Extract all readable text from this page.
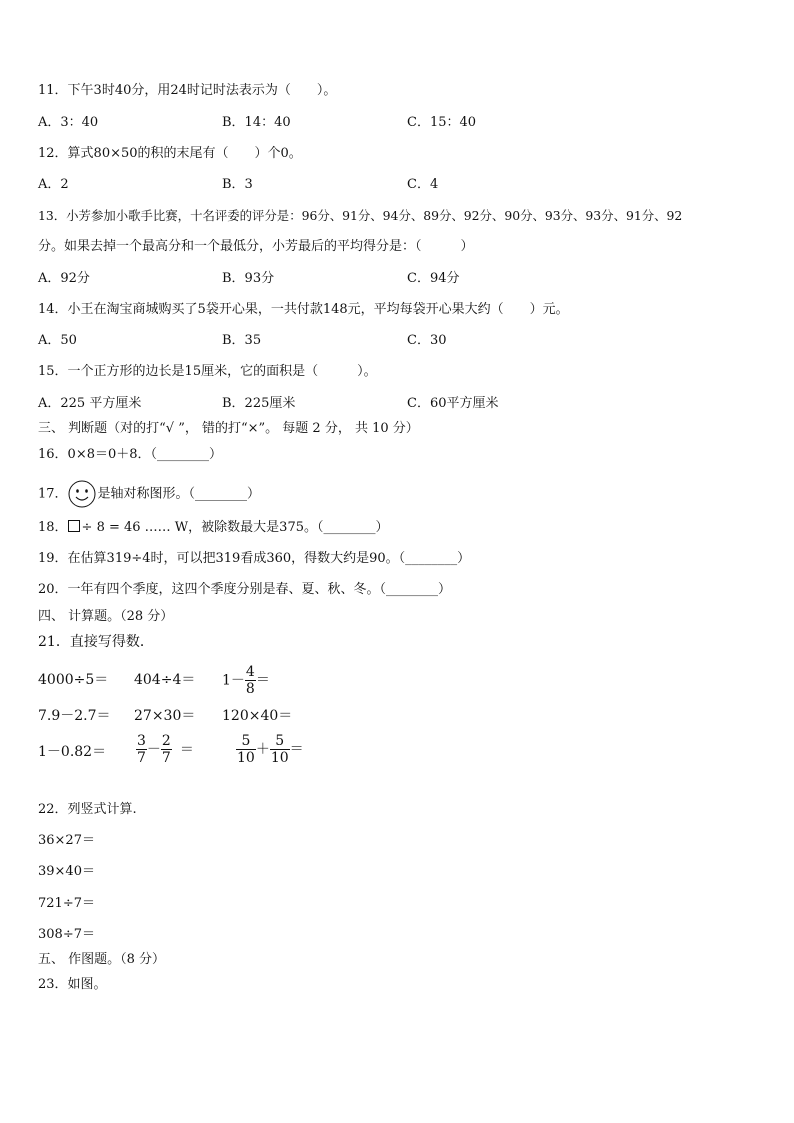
11．下午3时40分，用24时记时法表示为（　　）。
A．3：40	B．14：40	C．15：40
12．算式80×50的积的末尾有（　　）个0。
A．2	B．3	C．4
13．小芳参加小歌手比赛，十名评委的评分是：96分、91分、94分、89分、92分、90分、93分、93分、91分、92
分。如果去掉一个最高分和一个最低分，小芳最后的平均得分是：（　　　）
A．92分	B．93分	C．94分
14．小王在淘宝商城购买了5袋开心果，一共付款148元，平均每袋开心果大约（　　）元。
A．50	B．35	C．30
15．一个正方形的边长是15厘米，它的面积是（　　　）。
A．225 平方厘米	B．225厘米	C．60平方厘米
三、 判断题（对的打“√ ”， 错的打“×”。 每题 2 分， 共 10 分）
16．0×8＝0＋8．（________）
17． 是轴对称图形。（________）
18． ÷ 8 = 46 …… W，被除数最大是375。（________）
19．在估算319÷4时，可以把319看成360，得数大约是90。（________）
20．一年有四个季度，这四个季度分别是春、夏、秋、冬。（________）
四、 计算题。（28 分）
21．直接写得数．
$4000\div 5= 404\div 4= 1- \frac{4}{8}$ ＝
7.9－2.7＝ 27×30＝ 120×40＝
$1-0.82= \frac{3}{7} - \frac{2}{7}$ ＝	$\frac{5}{10} + \frac{5}{10}$ ＝
22．列竖式计算.
36×27＝
39×40＝
721÷7＝
308÷7＝
五、 作图题。（8 分）
23．如图。
